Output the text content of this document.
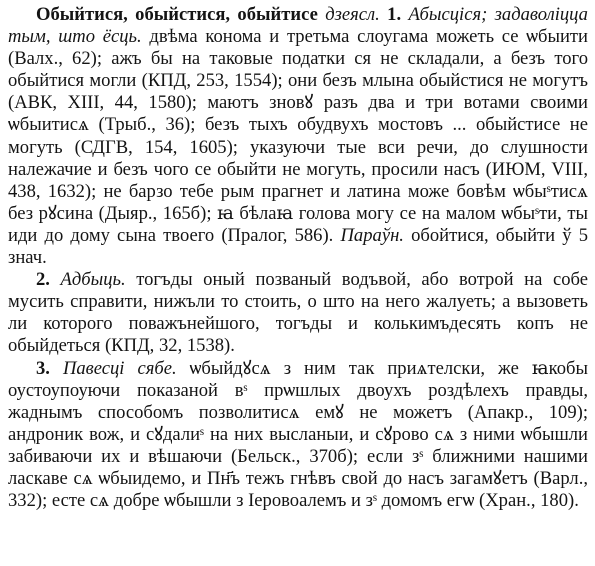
Обыйтися, обыйстися, обыйтисе дзеясл. 1. Абысціся; задаволіцца тым, што ёсць. двѣма конома и третьма слоугама можеть се ѡбыити (Валх., 62); ажъ бы на таковые податки ся не складали, а безъ того обыйтися могли (КПД, 253, 1554); они безъ млына обыйстися не могутъ (АВК, XIII, 44, 1580); маютъ зновꙋ разъ два и три вотами своими ѡбыитисѧ (Трыб., 36); безъ тыхъ обудвухъ мостовъ ... обыйстисе не могуть (СДГВ, 154, 1605); указуючи тые вси речи, до слушности належачие и безъ чого се обыйти не могуть, просили насъ (ИЮМ, VIII, 438, 1632); не барзо тебе рым прагнет и латина може бовѣм ѡбыˢтисѧ без рꙋсина (Дыяр., 165б); ꙗ бѣлаꙗ голова могу се на малом ѡбыˢти, ты иди до дому сына твоего (Пралог, 586). Параўн. обойтися, обыйти ў 5 знач.

2. Адбыць. тогъды оный позваный водъвой, або вотрой на собе мусить справити, нижъли то стоить, о што на него жалуеть; а вызоветь ли которого поважънейшого, тогъды и колькимъдесять копъ не обыйдеться (КПД, 32, 1538).

3. Павесці сябе. ѡбыйдꙋсѧ з ним так приѧтелски, же ꙗкобы оустоупоуючи показаной вˢ прѡшлых двоухъ роздѣлехъ правды, жаднымъ способомъ позволитисѧ емꙋ не можетъ (Апакр., 109); андроник вож, и сꙋдалиˢ на них высланыи, и сꙋрово сѧ з ними ѡбышли забиваючи их и вѣшаючи (Бельск., 370б); если зˢ ближними нашими ласкаве сѧ ѡбыидемо, и Пн҃ъ тежъ гнѣвъ свой до насъ загамꙋетъ (Варл., 332); есте сѧ добре ѡбышли з Іеровоалемъ и зˢ домомъ егѡ (Хран., 180).
